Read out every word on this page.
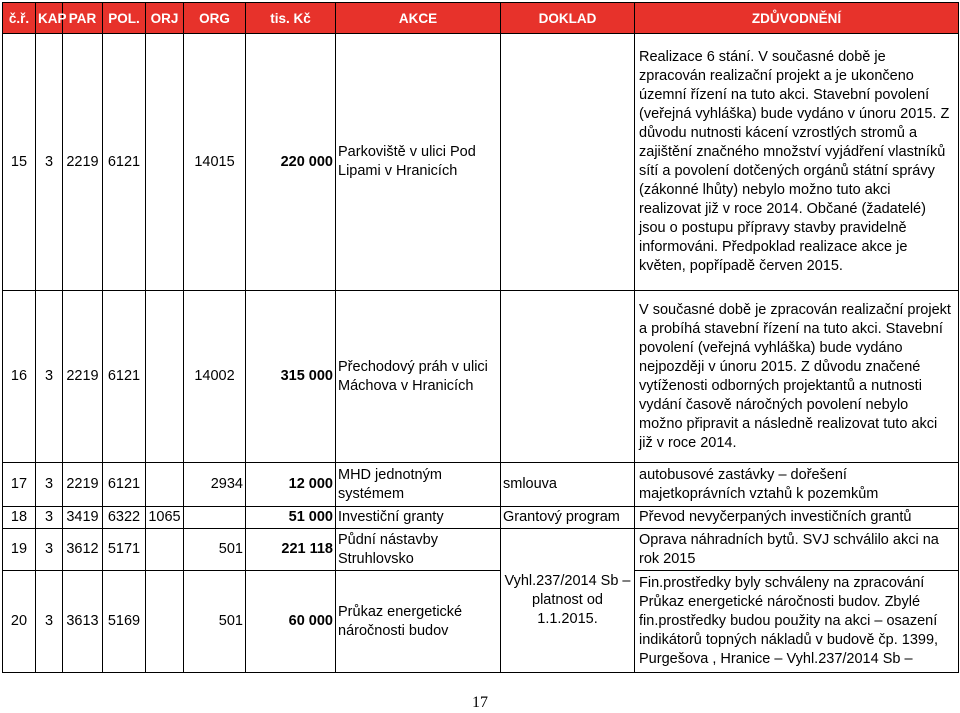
č.ř.	KAP	PAR	POL.	ORJ	ORG	tis. Kč	AKCE	DOKLAD	ZDŮVODNĚNÍ
15	3	2219	6121		14015	220 000	Parkoviště v ulici Pod Lipami v Hranicích		Realizace 6 stání. V současné době je zpracován realizační projekt a je ukončeno územní řízení na tuto akci. Stavební povolení (veřejná vyhláška) bude vydáno v únoru 2015. Z důvodu nutnosti kácení vzrostlých stromů a zajištění značného množství vyjádření vlastníků sítí a povolení dotčených orgánů státní správy (zákonné lhůty) nebylo možno tuto akci realizovat již v roce 2014. Občané (žadatelé) jsou o postupu přípravy stavby pravidelně informováni. Předpoklad realizace akce je květen, popřípadě červen 2015.
16	3	2219	6121		14002	315 000	Přechodový práh v ulici Máchova v Hranicích		V současné době je zpracován realizační projekt a probíhá stavební řízení na tuto akci. Stavební povolení (veřejná vyhláška) bude vydáno nejpozději v únoru 2015. Z důvodu značené vytíženosti odborných projektantů a nutnosti vydání časově náročných povolení nebylo možno připravit a následně realizovat tuto akci již v roce 2014.
17	3	2219	6121		2934	12 000	MHD jednotným systémem	smlouva	autobusové zastávky – dořešení majetkoprávních vztahů k pozemkům
18	3	3419	6322	1065		51 000	Investiční granty	Grantový program	Převod nevyčerpaných investičních grantů
19	3	3612	5171		501	221 118	Půdní nástavby Struhlovsko	Vyhl.237/2014 Sb – platnost od 1.1.2015.	Oprava náhradních bytů. SVJ schválilo akci na rok 2015
20	3	3613	5169		501	60 000	Průkaz energetické náročnosti budov		Fin.prostředky byly schváleny na zpracování Průkaz energetické náročnosti budov. Zbylé fin.prostředky budou použity na akci – osazení indikátorů topných nákladů v budově čp. 1399, Purgešova , Hranice – Vyhl.237/2014 Sb –
17
